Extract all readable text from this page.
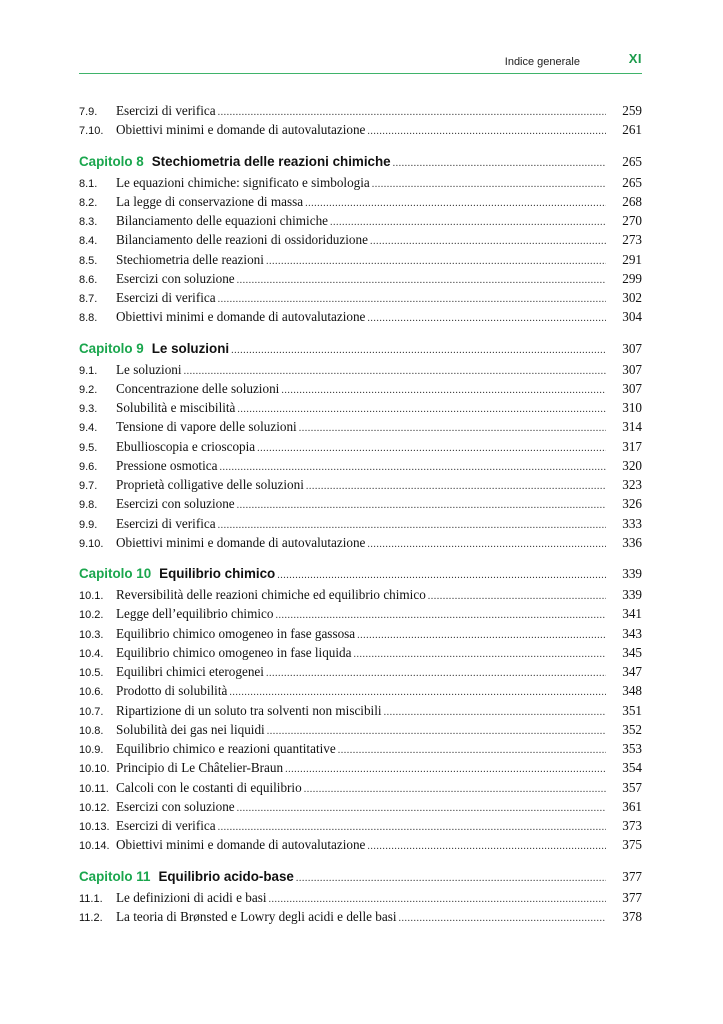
Indice generale	XI
7.9.	Esercizi di verifica . . .	259
7.10. Obiettivi minimi e domande di autovalutazione . . .	261
Capitolo 8 Stechiometria delle reazioni chimiche . . .	265
8.1.	Le equazioni chimiche: significato e simbologia . . .	265
8.2.	La legge di conservazione di massa . . .	268
8.3.	Bilanciamento delle equazioni chimiche . . .	270
8.4.	Bilanciamento delle reazioni di ossidoriduzione . . .	273
8.5.	Stechiometria delle reazioni . . .	291
8.6.	Esercizi con soluzione . . .	299
8.7.	Esercizi di verifica . . .	302
8.8.	Obiettivi minimi e domande di autovalutazione . . .	304
Capitolo 9 Le soluzioni . . .	307
9.1.	Le soluzioni . . .	307
9.2.	Concentrazione delle soluzioni . . .	307
9.3.	Solubilità e miscibilità . . .	310
9.4.	Tensione di vapore delle soluzioni . . .	314
9.5.	Ebullioscopia e crioscopia . . .	317
9.6.	Pressione osmotica . . .	320
9.7.	Proprietà colligative delle soluzioni . . .	323
9.8.	Esercizi con soluzione . . .	326
9.9.	Esercizi di verifica . . .	333
9.10. Obiettivi minimi e domande di autovalutazione . . .	336
Capitolo 10 Equilibrio chimico . . .	339
10.1. Reversibilità delle reazioni chimiche ed equilibrio chimico . . .	339
10.2. Legge dell’equilibrio chimico . . .	341
10.3. Equilibrio chimico omogeneo in fase gassosa . . .	343
10.4. Equilibrio chimico omogeneo in fase liquida . . .	345
10.5. Equilibri chimici eterogenei . . .	347
10.6. Prodotto di solubilità . . .	348
10.7. Ripartizione di un soluto tra solventi non miscibili . . .	351
10.8. Solubilità dei gas nei liquidi . . .	352
10.9. Equilibrio chimico e reazioni quantitative . . .	353
10.10. Principio di Le Châtelier-Braun . . .	354
10.11. Calcoli con le costanti di equilibrio . . .	357
10.12. Esercizi con soluzione . . .	361
10.13. Esercizi di verifica . . .	373
10.14. Obiettivi minimi e domande di autovalutazione . . .	375
Capitolo 11 Equilibrio acido-base . . .	377
11.1.	Le definizioni di acidi e basi . . .	377
11.2.	La teoria di Brønsted e Lowry degli acidi e delle basi . . .	378
